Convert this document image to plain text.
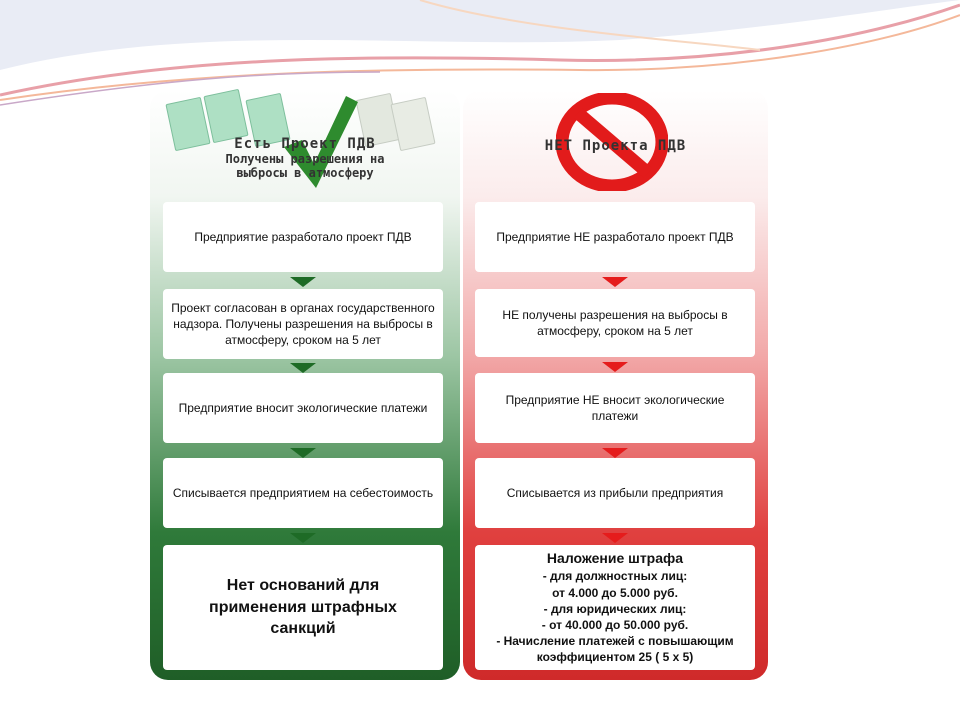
Есть Проект ПДВ
Получены разрешения на
выбросы в атмосферу
Предприятие разработало проект ПДВ
Проект согласован в органах государственного надзора. Получены разрешения на выбросы в атмосферу, сроком на 5 лет
Предприятие вносит экологические платежи
Списывается предприятием на себестоимость
Нет оснований для применения штрафных санкций
НЕТ Проекта ПДВ
Предприятие НЕ разработало проект ПДВ
НЕ получены разрешения на выбросы в атмосферу, сроком на 5 лет
Предприятие НЕ вносит экологические платежи
Списывается из прибыли предприятия
Наложение штрафа
- для должностных лиц:
от 4.000 до 5.000 руб.
- для юридических лиц:
- от 40.000 до 50.000 руб.
- Начисление платежей с повышающим
коэффициентом 25 ( 5 х 5)
